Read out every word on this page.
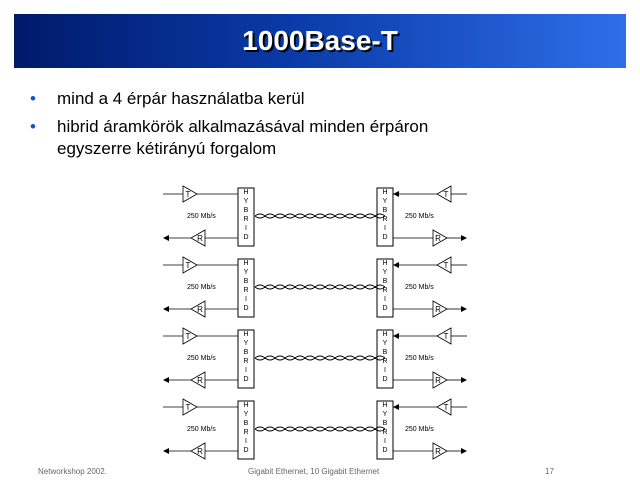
1000Base-T
• mind a 4 érpár használatba kerül
• hibrid áramkörök alkalmazásával minden érpáron
egyszerre kétirányú forgalom
H
Y
B
R
I
D
H
Y
B
R
I
D
T
R
250 Mb/s
T
R
250 Mb/s
H
Y
B
R
I
D
H
Y
B
R
I
D
T
R
250 Mb/s
T
R
250 Mb/s
H
Y
B
R
I
D
H
Y
B
R
I
D
T
R
250 Mb/s
T
R
250 Mb/s
H
Y
B
R
I
D
H
Y
B
R
I
D
T
R
250 Mb/s
T
R
250 Mb/s
Networkshop 2002.	Gigabit Ethernet, 10 Gigabit Ethernet	17
